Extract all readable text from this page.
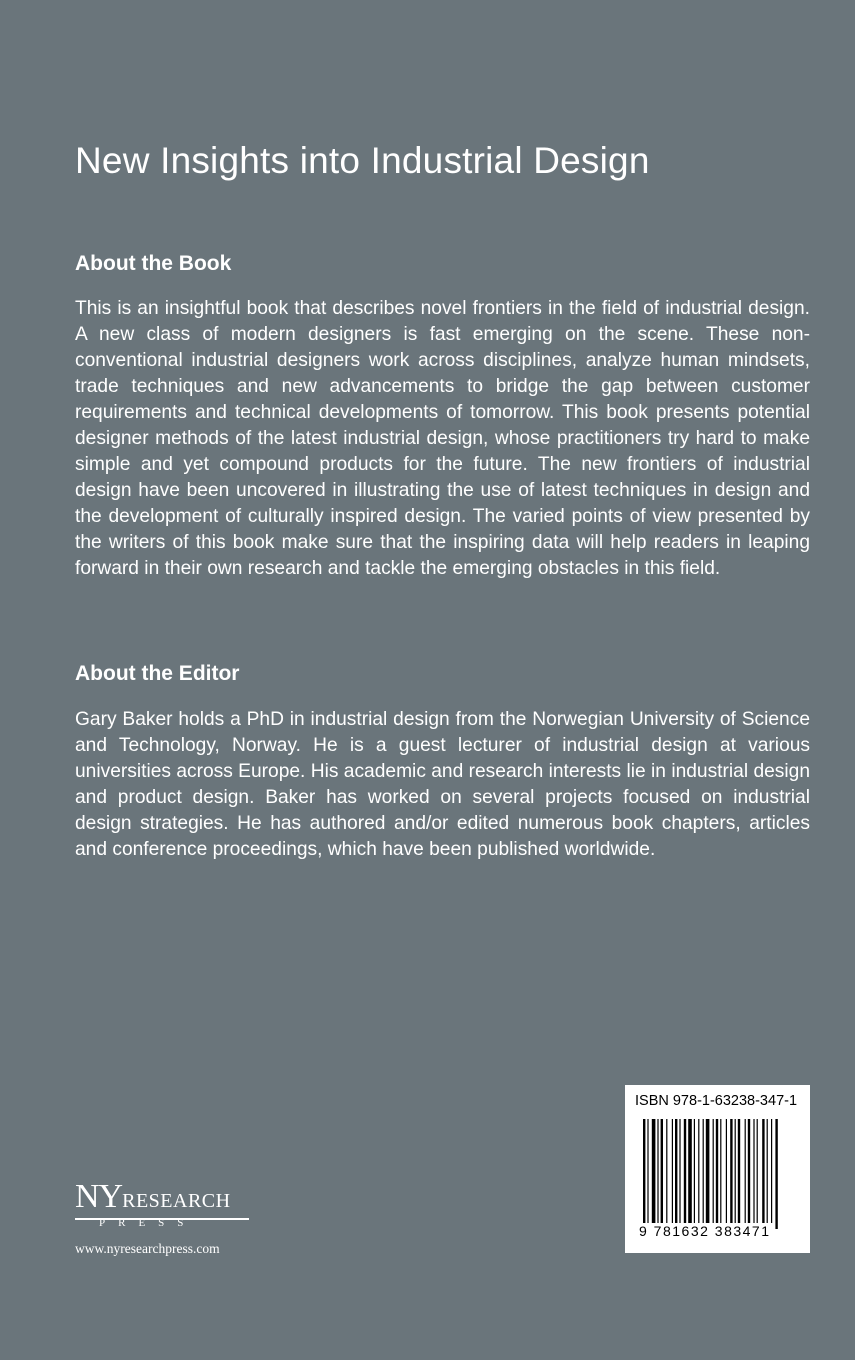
New Insights into Industrial Design
About the Book

This is an insightful book that describes novel frontiers in the field of industrial design. A new class of modern designers is fast emerging on the scene. These non-conventional industrial designers work across disciplines, analyze human mindsets, trade techniques and new advancements to bridge the gap between customer requirements and technical developments of tomorrow. This book presents potential designer methods of the latest industrial design, whose practitioners try hard to make simple and yet compound products for the future. The new frontiers of industrial design have been uncovered in illustrating the use of latest techniques in design and the development of culturally inspired design. The varied points of view presented by the writers of this book make sure that the inspiring data will help readers in leaping forward in their own research and tackle the emerging obstacles in this field.

About the Editor

Gary Baker holds a PhD in industrial design from the Norwegian University of Science and Technology, Norway. He is a guest lecturer of industrial design at various universities across Europe. His academic and research interests lie in industrial design and product design. Baker has worked on several projects focused on industrial design strategies. He has authored and/or edited numerous book chapters, articles and conference proceedings, which have been published worldwide.

ISBN 978-1-63238-347-1
9 781632 383471
NYRESEARCH
PRESS
www.nyresearchpress.com
